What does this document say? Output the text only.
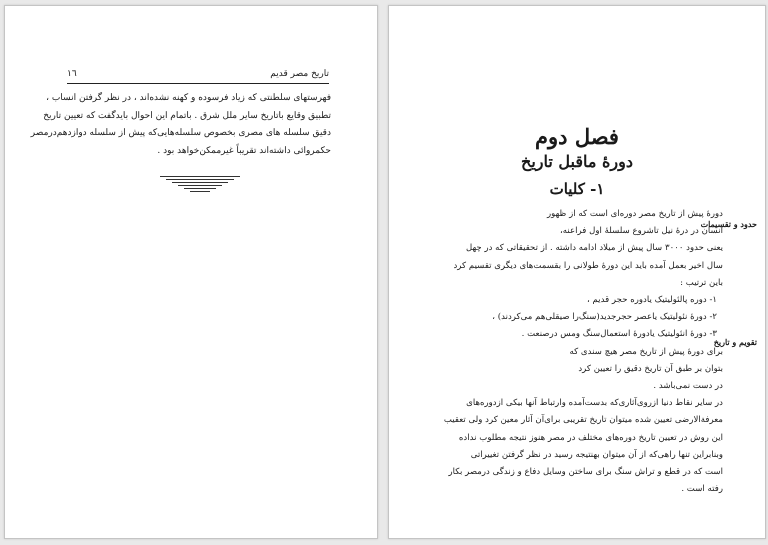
١٦	تاریخ مصر قدیم

فهرستهای سلطنتی که زیاد فرسوده و کهنه نشده‌اند ، در نظر گرفتن انساب ،

تطبیق وقایع باتاریخ سایر ملل شرق . باتمام این احوال بایدگفت که تعیین تاریخ

دقیق سلسله های مصری بخصوص سلسله‌هایی‌که پیش از سلسله دوازدهم‌درمصر

حکمروائی داشته‌اند تقریباً غیرممکن‌خواهد بود .

فصل دوم
دورهٔ ماقبل تاریخ
۱- کلیات

دورهٔ پیش از تاریخ مصر دوره‌ای است که از ظهور

انسان در درهٔ نیل تا‌شروع سلسلهٔ اول فراعنه،

یعنی حدود ۳۰۰۰ سال پیش از میلاد ادامه داشته . از تحقیقاتی که در چهل

سال اخیر بعمل آمده باید این دورهٔ طولانی را بقسمت‌های دیگری تقسیم کرد

باین ترتیب :

۱- دوره پالئولیتیک یادوره حجر قدیم ،

۲- دورهٔ نئولیتیک یا‌عصر حجرجدید(سنگ‌را صیقلی‌هم می‌کردند) ،

۳- دورهٔ انئولیتیک یادورهٔ استعمال‌سنگ ومس درصنعت .

برای دورهٔ پیش از تاریخ مصر هیچ سندی که

بتوان بر طبق آن تاریخ دقیق را تعیین کرد

در دست نمی‌باشد .

در سایر نقاط دنیا از‌روی‌آثاری‌که بدست‌آمده و‌ارتباط آنها بیکی ازدوره‌های

معرفةالارضی تعیین شده میتوان تاریخ تقریبی برای‌آن آثار معین کرد ولی تعقیب

این روش در تعیین تاریخ دوره‌های مختلف در مصر هنوز نتیجه مطلوب نداده

وبنابراین تنها راهی‌که از آن میتوان بهنتیجه رسید در نظر گرفتن تغییراتی

است که در قطع و تراش سنگ برای ساختن وسایل دفاع و زندگی درمصر بکار

رفته است .

حدود و تقسیمات
تقویم و تاریخ
